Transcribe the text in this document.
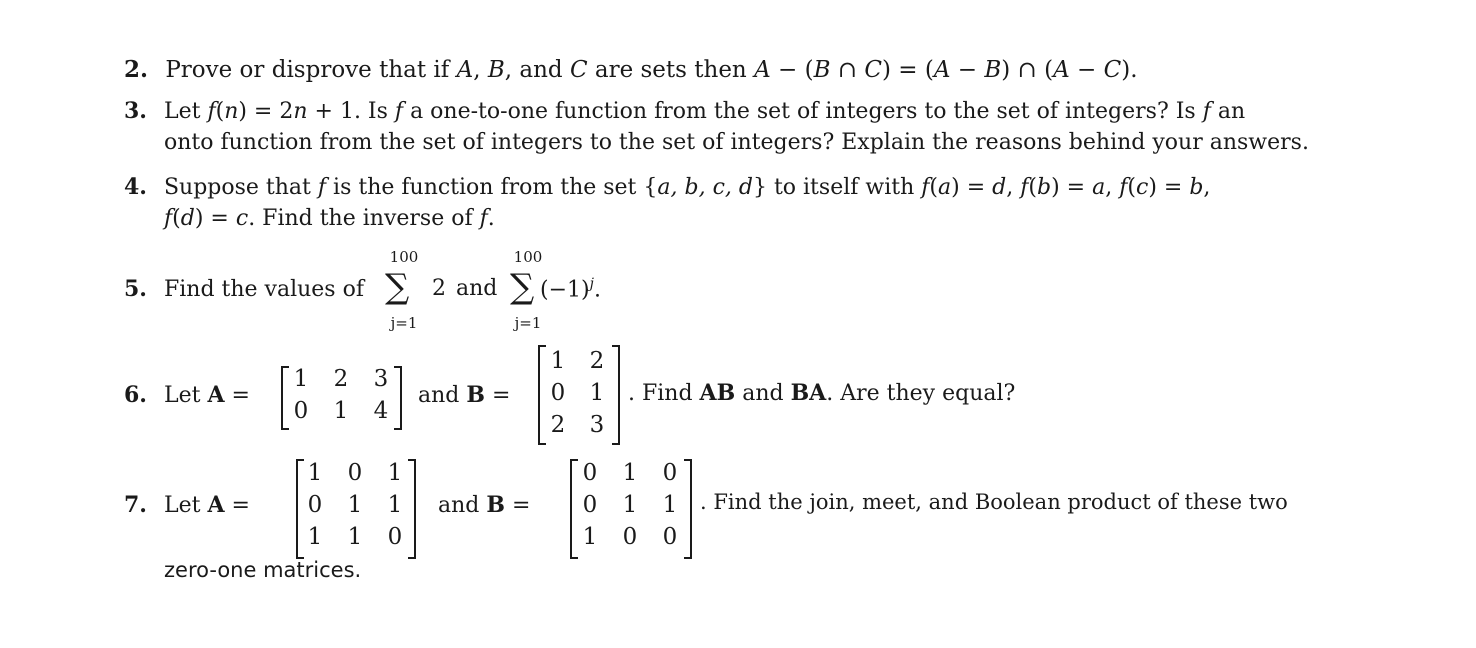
2. Prove or disprove that if A, B, and C are sets then A − (B ∩ C) = (A − B) ∩ (A − C).
3. Let f(n) = 2n + 1. Is f a one-to-one function from the set of integers to the set of integers? Is f an
onto function from the set of integers to the set of integers? Explain the reasons behind your answers.
4. Suppose that f is the function from the set {a, b, c, d} to itself with f(a) = d, f(b) = a, f(c) = b,
f(d) = c. Find the inverse of f.
5. Find the values of
100
∑
j=1
2 and
100
∑
j=1
$(-1)^j$.
6. Let A =
1 2 3
0 1 4
and B =
1 2
0 1
2 3
. Find AB and BA. Are they equal?
7. Let A =
1 0 1
0 1 1
1 1 0
and B =
0 1 0
0 1 1
1 0 0
. Find the join, meet, and Boolean product of these two
zero-one matrices.
